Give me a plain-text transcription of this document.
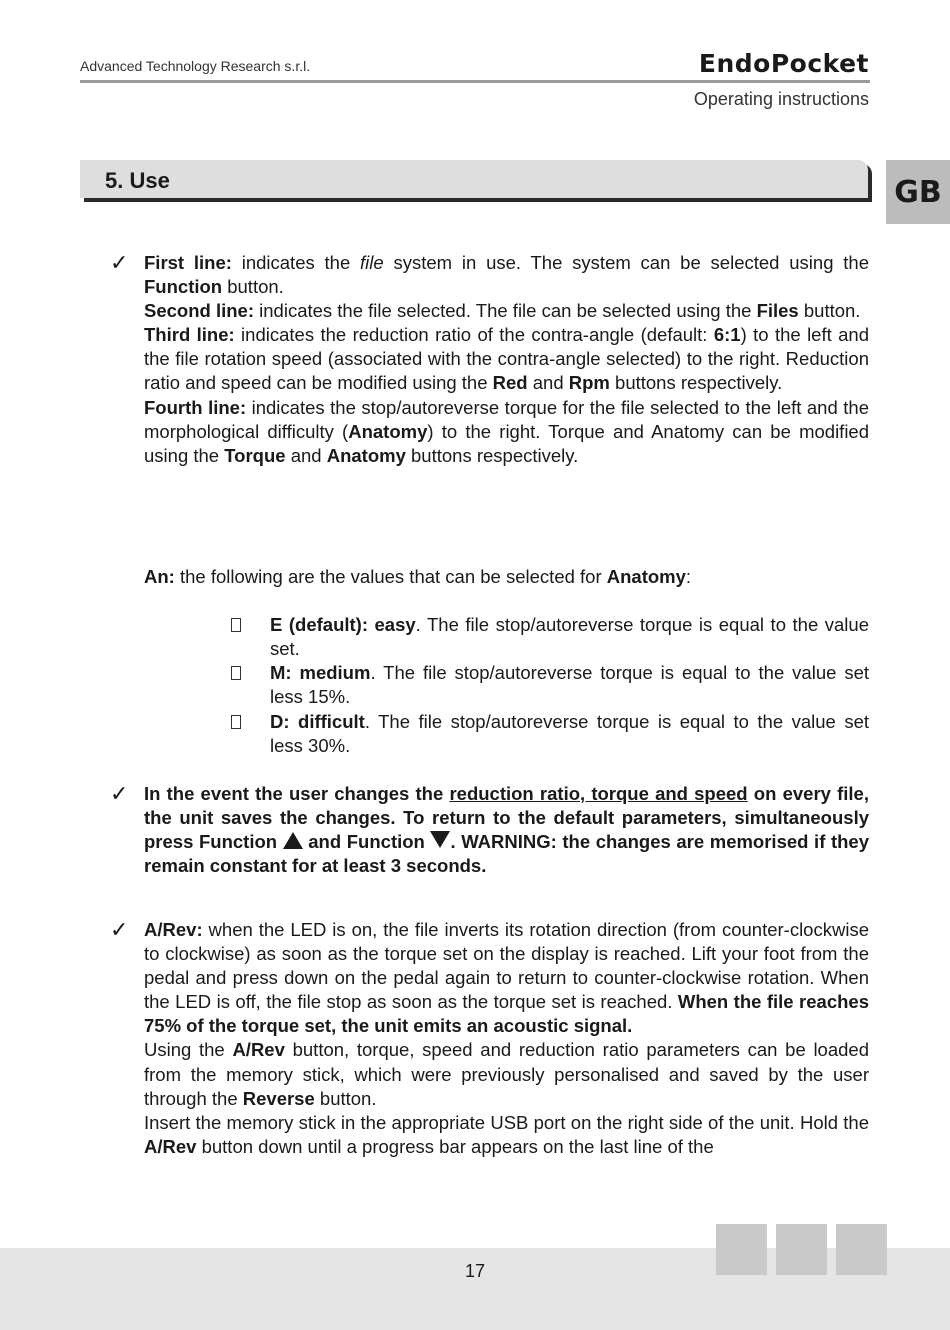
Advanced Technology Research s.r.l.	EndoPocket
Operating instructions
5. Use	GB
✓ First line: indicates the file system in use. The system can be selected using the Function button.
Second line: indicates the file selected. The file can be selected using the Files button.
Third line: indicates the reduction ratio of the contra-angle (default: 6:1) to the left and the file rotation speed (associated with the contra-angle selected) to the right. Reduction ratio and speed can be modified using the Red and Rpm buttons respectively.
Fourth line: indicates the stop/autoreverse torque for the file selected to the left and the morphological difficulty (Anatomy) to the right. Torque and Anatomy can be modified using the Torque and Anatomy buttons respectively.
An: the following are the values that can be selected for Anatomy:
E (default): easy. The file stop/autoreverse torque is equal to the value set.
M: medium. The file stop/autoreverse torque is equal to the value set less 15%.
D: difficult. The file stop/autoreverse torque is equal to the value set less 30%.
✓ In the event the user changes the reduction ratio, torque and speed on every file, the unit saves the changes. To return to the default parameters, simultaneously press Function  and Function . WARNING: the changes are memorised if they remain constant for at least 3 seconds.
✓ A/Rev: when the LED is on, the file inverts its rotation direction (from counter-clockwise to clockwise) as soon as the torque set on the display is reached. Lift your foot from the pedal and press down on the pedal again to return to counter-clockwise rotation. When the LED is off, the file stop as soon as the torque set is reached. When the file reaches 75% of the torque set, the unit emits an acoustic signal.
Using the A/Rev button, torque, speed and reduction ratio parameters can be loaded from the memory stick, which were previously personalised and saved by the user through the Reverse button.
Insert the memory stick in the appropriate USB port on the right side of the unit. Hold the A/Rev button down until a progress bar appears on the last line of the
17
